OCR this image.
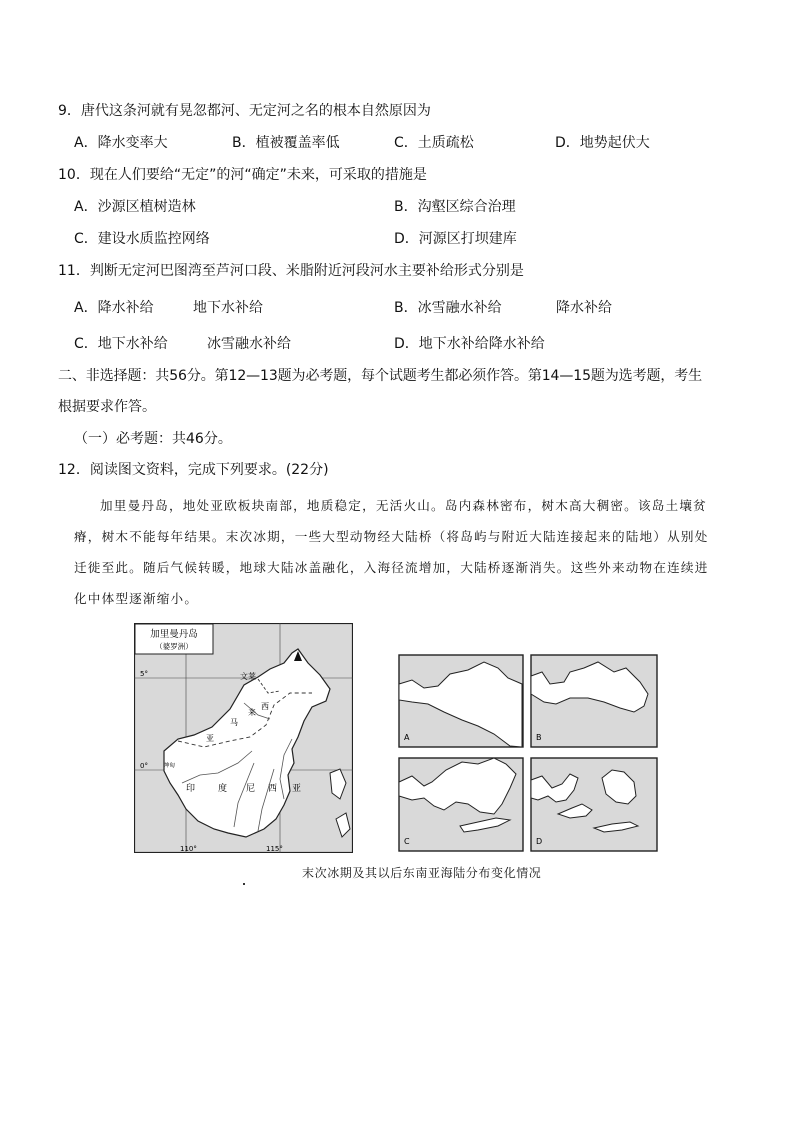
9．唐代这条河就有晃忽都河、无定河之名的根本自然原因为
A．降水变率大	B．植被覆盖率低	C．土质疏松	D．地势起伏大
10．现在人们要给“无定”的河“确定”未来，可采取的措施是
A．沙源区植树造林	B．沟壑区综合治理
C．建设水质监控网络	D．河源区打坝建库
11．判断无定河巴图湾至芦河口段、米脂附近河段河水主要补给形式分别是
A．降水补给	地下水补给	B．冰雪融水补给	降水补给
C．地下水补给	冰雪融水补给	D．地下水补给降水补给
二、非选择题：共56分。第12—13题为必考题，每个试题考生都必须作答。第14—15题为选考题，考生
根据要求作答。
（一）必考题：共46分。
12．阅读图文资料，完成下列要求。(22分)
加里曼丹岛，地处亚欧板块南部，地质稳定，无活火山。岛内森林密布，树木高大稠密。该岛土壤贫
瘠，树木不能每年结果。末次冰期，一些大型动物经大陆桥（将岛屿与附近大陆连接起来的陆地）从别处
迁徙至此。随后气候转暖，地球大陆冰盖融化，入海径流增加，大陆桥逐渐消失。这些外来动物在连续进
化中体型逐渐缩小。
加里曼丹岛
（婆罗洲）
5°
0°
110°	115°
文莱
马
来
西
亚
印	度 尼 西 亚
坤甸
A	B
C	D
末次冰期及其以后东南亚海陆分布变化情况
